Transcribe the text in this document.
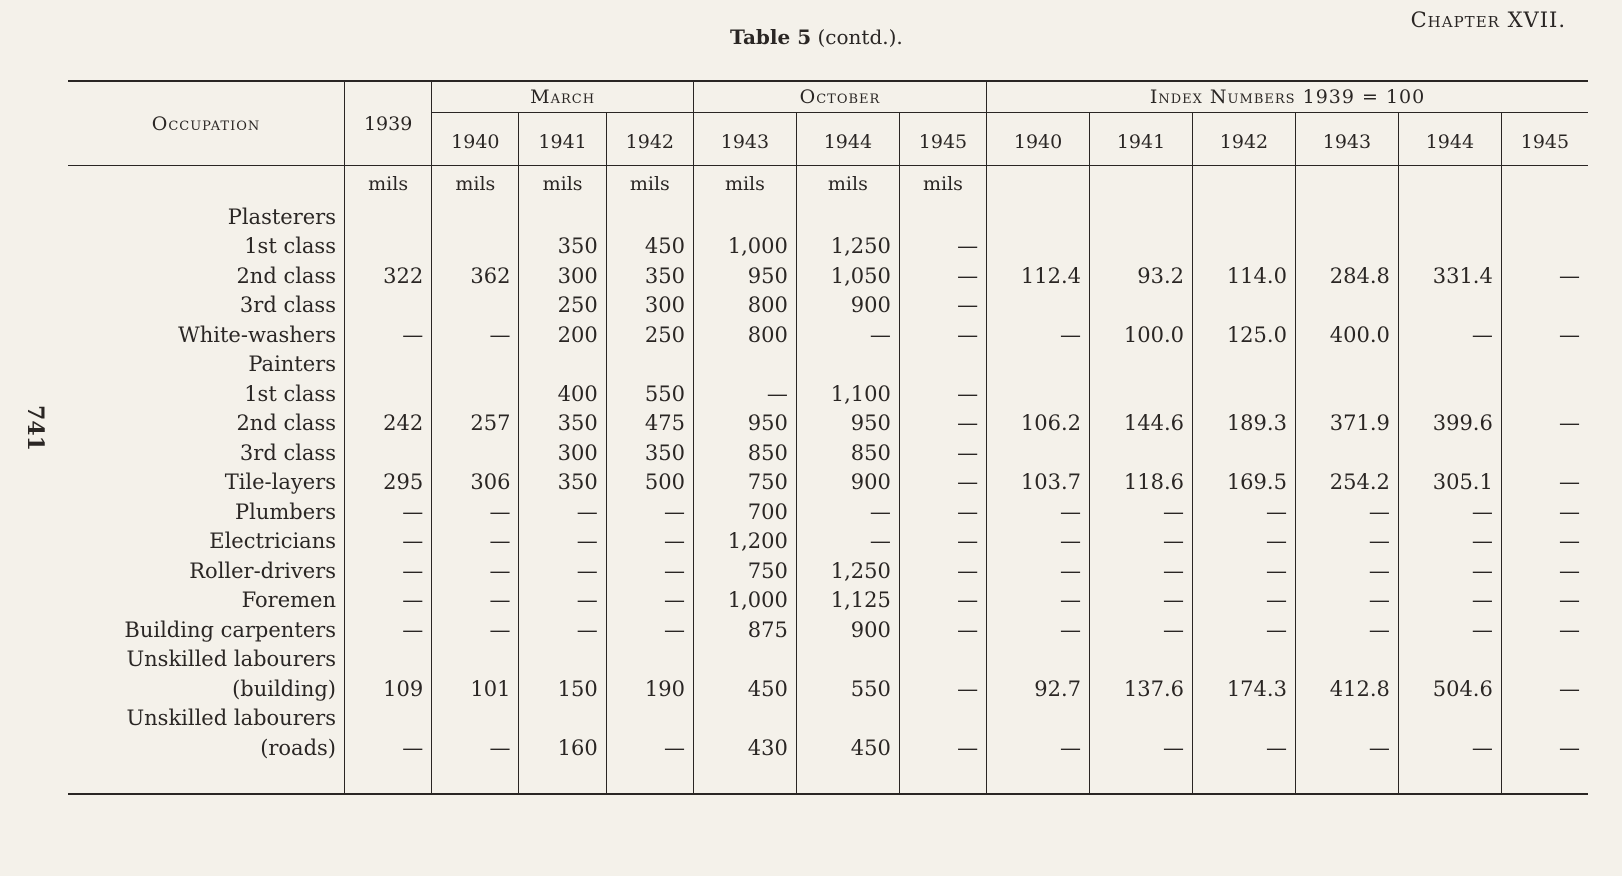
Chapter XVII.
Table 5 (contd.).
741
Occupation	1939	March			October			Index Numbers 1939 = 100					
		1940	1941	1942	1943	1944	1945	1940	1941	1942	1943	1944	1945
	mils	mils	mils	mils	mils	mils	mils						
Plasterers													
1st class			350	450	1,000	1,250	—						
2nd class	322	362	300	350	950	1,050	—	112.4	93.2	114.0	284.8	331.4	—
3rd class			250	300	800	900	—						
White-washers	—	—	200	250	800	—	—	—	100.0	125.0	400.0	—	—
Painters													
1st class			400	550	—	1,100	—						
2nd class	242	257	350	475	950	950	—	106.2	144.6	189.3	371.9	399.6	—
3rd class			300	350	850	850	—						
Tile-layers	295	306	350	500	750	900	—	103.7	118.6	169.5	254.2	305.1	—
Plumbers	—	—	—	—	700	—	—	—	—	—	—	—	—
Electricians	—	—	—	—	1,200	—	—	—	—	—	—	—	—
Roller-drivers	—	—	—	—	750	1,250	—	—	—	—	—	—	—
Foremen	—	—	—	—	1,000	1,125	—	—	—	—	—	—	—
Building carpenters	—	—	—	—	875	900	—	—	—	—	—	—	—
Unskilled labourers													
(building)	109	101	150	190	450	550	—	92.7	137.6	174.3	412.8	504.6	—
Unskilled labourers													
(roads)	—	—	160	—	430	450	—	—	—	—	—	—	—
